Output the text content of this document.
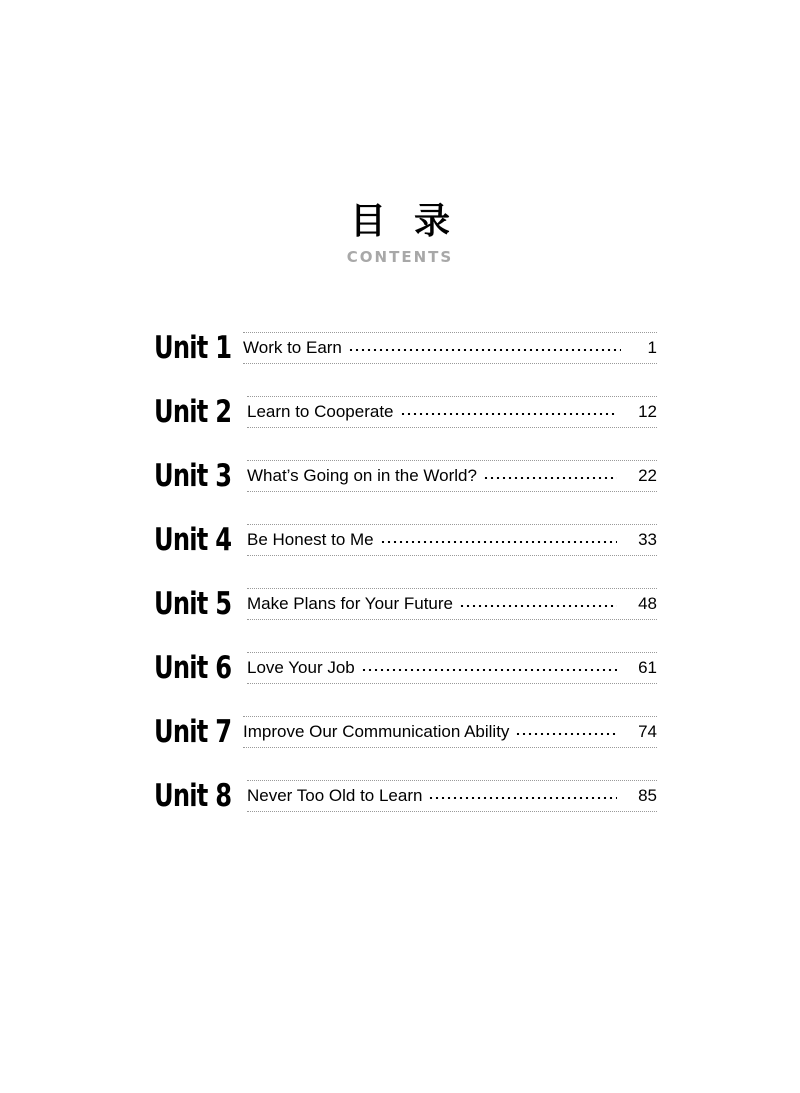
目录
CONTENTS
Unit 1 Work to Earn	1
Unit 2 Learn to Cooperate	12
Unit 3 What’s Going on in the World?	22
Unit 4 Be Honest to Me	33
Unit 5 Make Plans for Your Future	48
Unit 6 Love Your Job	61
Unit 7 Improve Our Communication Ability	74
Unit 8 Never Too Old to Learn	85
